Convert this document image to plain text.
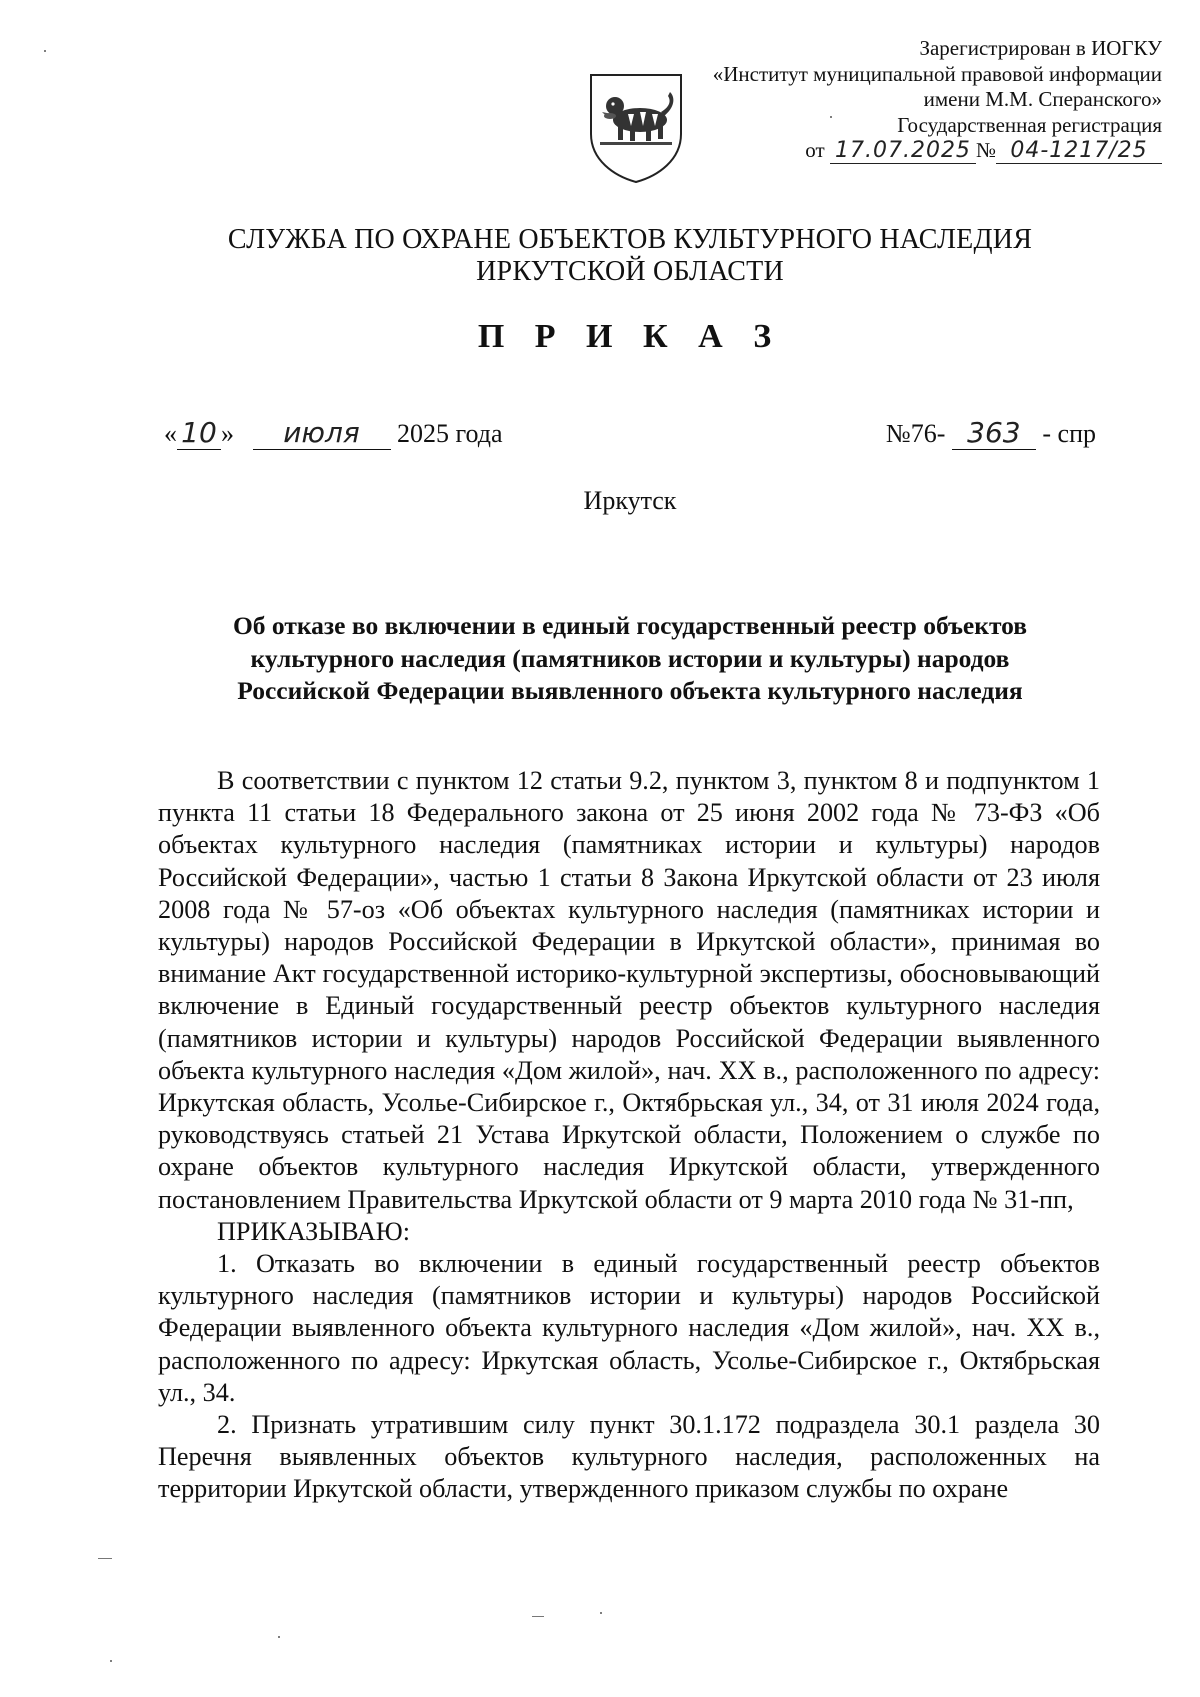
Зарегистрирован в ИОГКУ
«Институт муниципальной правовой информации
имени М.М. Сперанского»
Государственная регистрация
от 17.07.2025 № 04-1217/25
СЛУЖБА ПО ОХРАНЕ ОБЪЕКТОВ КУЛЬТУРНОГО НАСЛЕДИЯ
ИРКУТСКОЙ ОБЛАСТИ
П Р И К А З
« 10 » июля 2025 года	№76- 363 - спр
Иркутск
Об отказе во включении в единый государственный реестр объектов
культурного наследия (памятников истории и культуры) народов
Российской Федерации выявленного объекта культурного наследия

В соответствии с пунктом 12 статьи 9.2, пунктом 3, пунктом 8 и подпунктом 1 пункта 11 статьи 18 Федерального закона от 25 июня 2002 года № 73-ФЗ «Об объектах культурного наследия (памятниках истории и культуры) народов Российской Федерации», частью 1 статьи 8 Закона Иркутской области от 23 июля 2008 года № 57-оз «Об объектах культурного наследия (памятниках истории и культуры) народов Российской Федерации в Иркутской области», принимая во внимание Акт государственной историко-культурной экспертизы, обосновывающий включение в Единый государственный реестр объектов культурного наследия (памятников истории и культуры) народов Российской Федерации выявленного объекта культурного наследия «Дом жилой», нач. XX в., расположенного по адресу: Иркутская область, Усолье-Сибирское г., Октябрьская ул., 34, от 31 июля 2024 года, руководствуясь статьей 21 Устава Иркутской области, Положением о службе по охране объектов культурного наследия Иркутской области, утвержденного постановлением Правительства Иркутской области от 9 марта 2010 года № 31-пп,

ПРИКАЗЫВАЮ:

1. Отказать во включении в единый государственный реестр объектов культурного наследия (памятников истории и культуры) народов Российской Федерации выявленного объекта культурного наследия «Дом жилой», нач. XX в., расположенного по адресу: Иркутская область, Усолье-Сибирское г., Октябрьская ул., 34.

2. Признать утратившим силу пункт 30.1.172 подраздела 30.1 раздела 30 Перечня выявленных объектов культурного наследия, расположенных на территории Иркутской области, утвержденного приказом службы по охране
